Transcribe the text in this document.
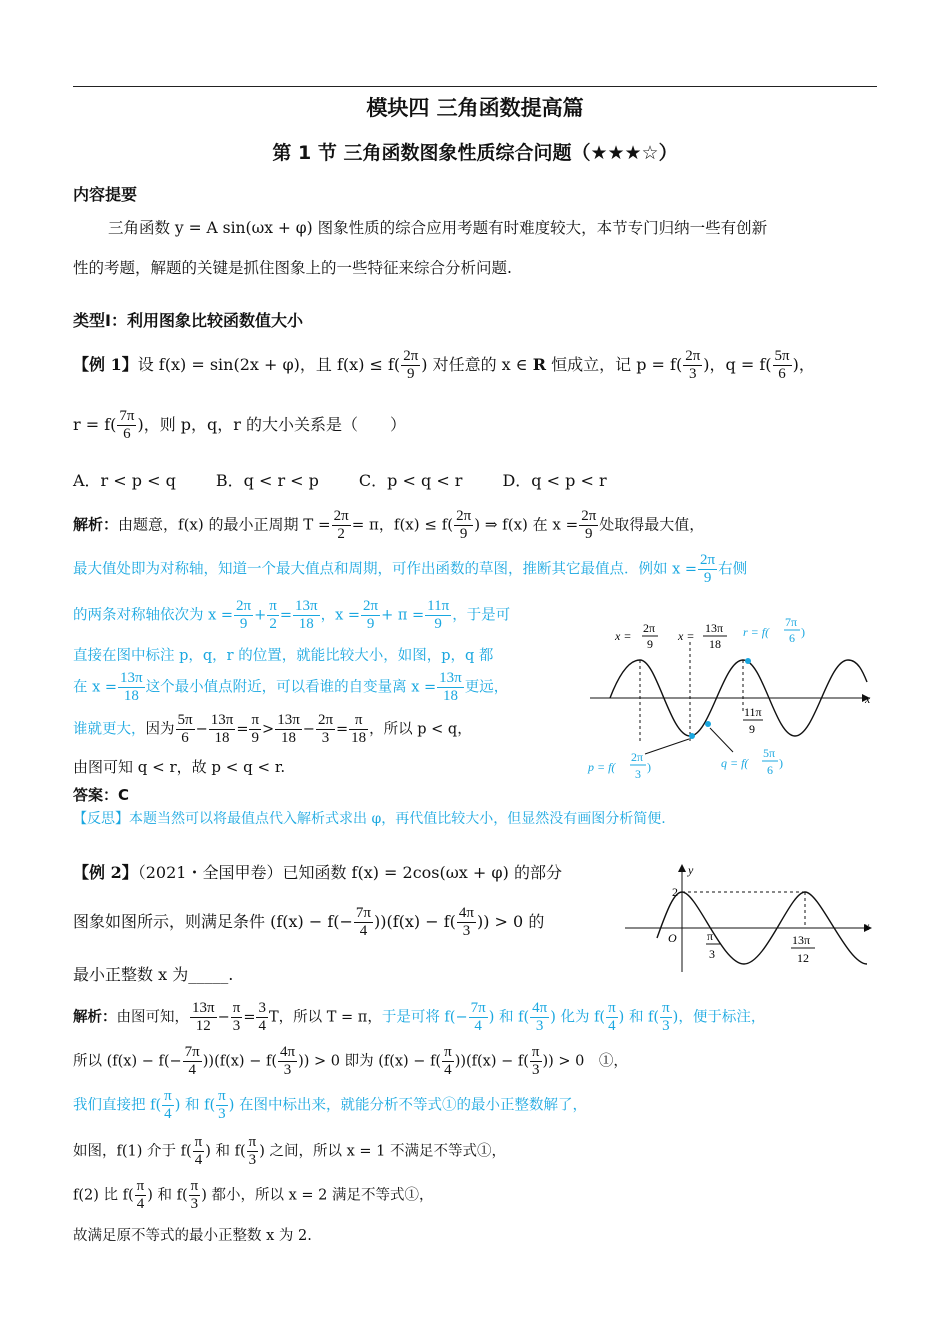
模块四 三角函数提高篇
第 1 节 三角函数图象性质综合问题（★★★☆）
内容提要
三角函数 y = A sin(ωx + φ) 图象性质的综合应用考题有时难度较大，本节专门归纳一些有创新
性的考题，解题的关键是抓住图象上的一些特征来综合分析问题.
类型Ⅰ：利用图象比较函数值大小
【例 1】设 f(x) = sin(2x + φ)，且 $f(x) \le f( \frac{2\pi}{9}$ ) 对任意的 x ∈ R 恒成立，记 $p = f( \frac{2\pi}{3}$ )，$q = f( \frac{5\pi}{6}$ )，
$r = f( \frac{7\pi}{6}$ )，则 p，q，r 的大小关系是（　　）
A．r < p < q	B．q < r < p	C．p < q < r	D．q < p < r
解析：由题意，f(x) 的最小正周期 $T = \frac{2\pi}{2} = \pi$，$f(x) \le f( \frac{2\pi}{9}$ ) ⇒ f(x) 在 $x = \frac{2\pi}{9}$ 处取得最大值，
最大值处即为对称轴，知道一个最大值点和周期，可作出函数的草图，推断其它最值点．例如 $x = \frac{2\pi}{9}$ 右侧
的两条对称轴依次为 $x = \frac{2\pi}{9} + \frac{\pi}{2} = \frac{13\pi}{18}$ ，$x = \frac{2\pi}{9} + \pi = \frac{11\pi}{9}$ ，于是可
直接在图中标注 p，q，r 的位置，就能比较大小，如图，p，q 都
在 $x = \frac{13\pi}{18}$ 这个最小值点附近，可以看谁的自变量离 $x = \frac{13\pi}{18}$ 更远，
谁就更大，因为 $\frac{5\pi}{6} - \frac{13\pi}{18} = \frac{\pi}{9} > \frac{13\pi}{18} - \frac{2\pi}{3} = \frac{\pi}{18}$ ，所以 p < q，
由图可知 q < r，故 p < q < r.
答案：C
【反思】本题当然可以将最值点代入解析式求出 φ，再代值比较大小，但显然没有画图分析简便.
x
x =
2π
9
x =
13π
18
r = f(
7π
6 )
11π
9
p = f(
2π
3 )	q = f(
5π
6 )
【例 2】（2021・全国甲卷）已知函数 f(x) = 2cos(ωx + φ) 的部分
图象如图所示，则满足条件 $(f(x) - f(- \frac{7\pi}{4} ))(f(x) - f( \frac{4\pi}{3}$ )) > 0 的
最小正整数 x 为_____.
x
y
2
O	π
3
13π
12
解析：由图可知， $\frac{13\pi}{12} - \frac{\pi}{3} = \frac{3}{4}$ T，所以 T = π，于是可将 $f(- \frac{7\pi}{4}$ ) 和 $f( \frac{4\pi}{3}$ ) 化为 $f( \frac{\pi}{4}$ ) 和 $f( \frac{\pi}{3}$ )，便于标注，
所以 $(f(x) - f(- \frac{7\pi}{4} ))(f(x) - f( \frac{4\pi}{3}$ )) > 0 即为 $(f(x) - f( \frac{\pi}{4} ))(f(x) - f( \frac{\pi}{3}$ )) > 0　①，
我们直接把 $f( \frac{\pi}{4}$ ) 和 $f( \frac{\pi}{3}$ ) 在图中标出来，就能分析不等式①的最小正整数解了，
如图，f(1) 介于 $f( \frac{\pi}{4}$ ) 和 $f( \frac{\pi}{3}$ ) 之间，所以 x = 1 不满足不等式①，
f(2) 比 $f( \frac{\pi}{4}$ ) 和 $f( \frac{\pi}{3}$ ) 都小，所以 x = 2 满足不等式①，
故满足原不等式的最小正整数 x 为 2.
